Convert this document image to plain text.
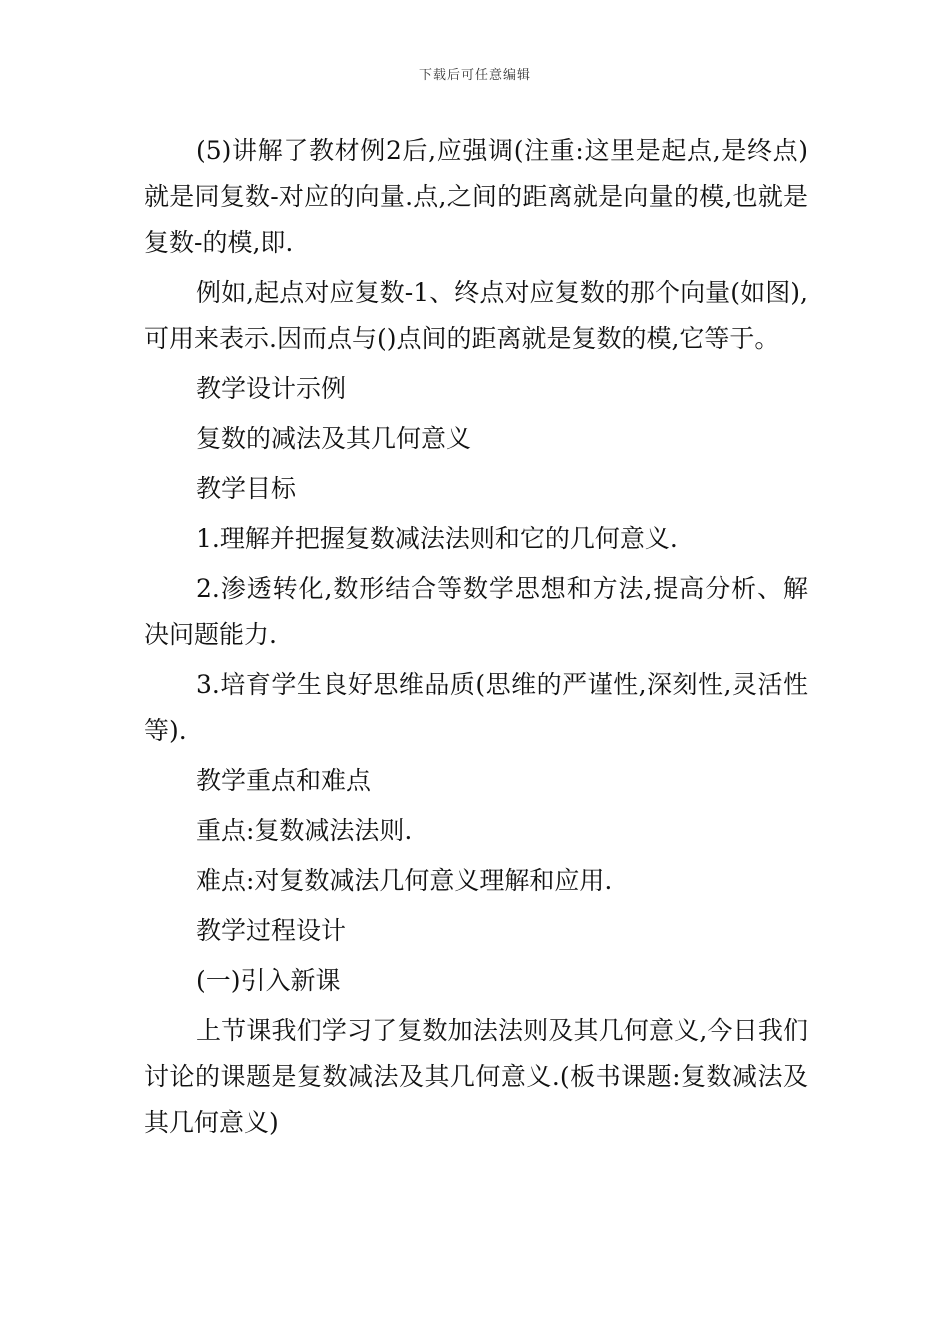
下载后可任意编辑

(5)讲解了教材例2后,应强调(注重:这里是起点,是终点)就是同复数-对应的向量.点,之间的距离就是向量的模,也就是复数-的模,即.

例如,起点对应复数-1、终点对应复数的那个向量(如图),可用来表示.因而点与()点间的距离就是复数的模,它等于。

教学设计示例

复数的减法及其几何意义

教学目标

1.理解并把握复数减法法则和它的几何意义.

2.渗透转化,数形结合等数学思想和方法,提高分析、解决问题能力.

3.培育学生良好思维品质(思维的严谨性,深刻性,灵活性等).

教学重点和难点

重点:复数减法法则.

难点:对复数减法几何意义理解和应用.

教学过程设计

(一)引入新课

上节课我们学习了复数加法法则及其几何意义,今日我们讨论的课题是复数减法及其几何意义.(板书课题:复数减法及其几何意义)
